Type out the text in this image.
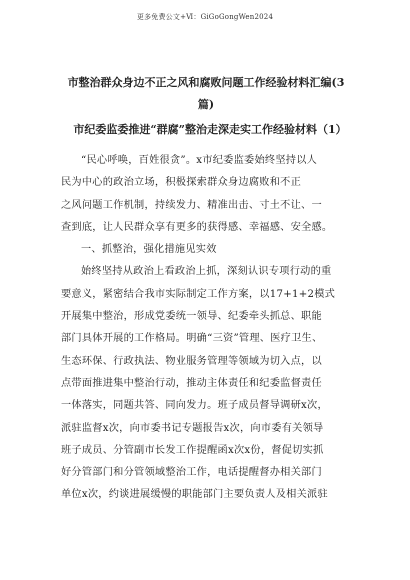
更多免费公文+Ⅵ：GiGoGongWen2024
市整治群众身边不正之风和腐败问题工作经验材料汇编(3
篇)
市纪委监委推进“群腐”整治走深走实工作经验材料（1）
“民心呼唤，百姓很贪”。x市纪委监委始终坚持以人
民为中心的政治立场，积极探索群众身边腐败和不正
之风问题工作机制，持续发力、精准出击、寸土不让、一
查到底，让人民群众享有更多的获得感、幸福感、安全感。
一、抓整治，强化措施见实效
始终坚持从政治上看政治上抓，深刻认识专项行动的重
要意义，紧密结合我市实际制定工作方案，以17+1+2模式
开展集中整治，形成党委统一领导、纪委牵头抓总、职能
部门具体开展的工作格局。明确“三资”管理、医疗卫生、
生态环保、行政执法、物业服务管理等领域为切入点，以
点带面推进集中整治行动，推动主体责任和纪委监督责任
一体落实，同题共答、同向发力。班子成员督导调研x次，
派驻监督x次，向市委书记专题报告x次，向市委有关领导
班子成员、分管副市长发工作提醒函x次x份，督促切实抓
好分管部门和分管领域整治工作，电话提醒督办相关部门
单位x次，约谈进展缓慢的职能部门主要负责人及相关派驻
